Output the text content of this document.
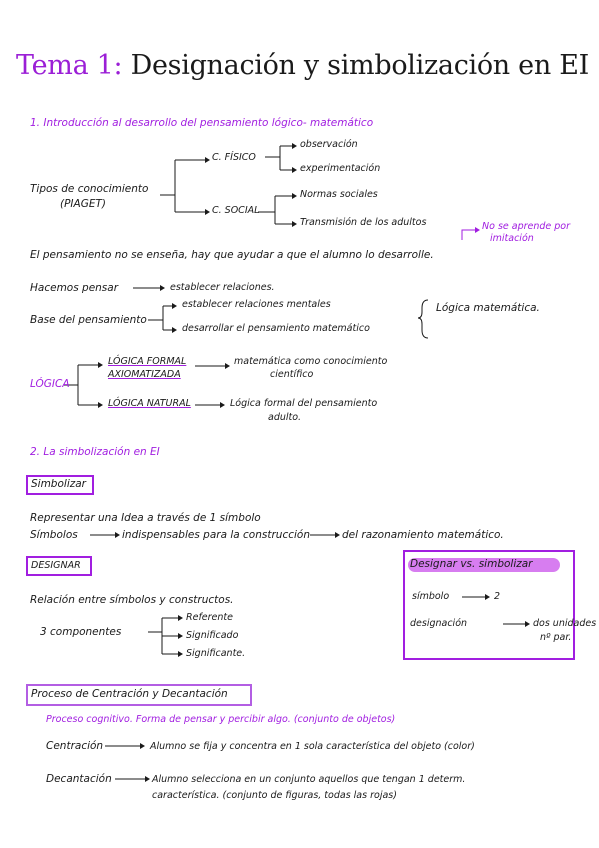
Tema 1: Designación y simbolización en EI
1. Introducción al desarrollo del pensamiento lógico- matemático
Tipos de conocimiento
(PIAGET)
C. FÍSICO
observación
experimentación
C. SOCIAL
Normas sociales
Transmisión de los adultos	No se aprende por
imitación
El pensamiento no se enseña, hay que ayudar a que el alumno lo desarrolle.
Hacemos pensar	establecer relaciones.
Base del pensamiento
establecer relaciones mentales
desarrollar el pensamiento matemático
Lógica matemática.
LÓGICA
LÓGICA FORMAL
AXIOMATIZADA
matemática como conocimiento
científico
LÓGICA NATURAL	Lógica formal del pensamiento
adulto.
2. La simbolización en EI
Simbolizar
Representar una Idea a través de 1 símbolo
Símbolos	indispensables para la construcción	del razonamiento matemático.
DESIGNAR
Relación entre símbolos y constructos.
3 componentes
Referente
Significado
Significante.
Designar vs. simbolizar
símbolo	2
designación	dos unidades
nº par.
Proceso de Centración y Decantación
Proceso cognitivo. Forma de pensar y percibir algo. (conjunto de objetos)
Centración	Alumno se fija y concentra en 1 sola característica del objeto (color)
Decantación	Alumno selecciona en un conjunto aquellos que tengan 1 determ.
característica. (conjunto de figuras, todas las rojas)
